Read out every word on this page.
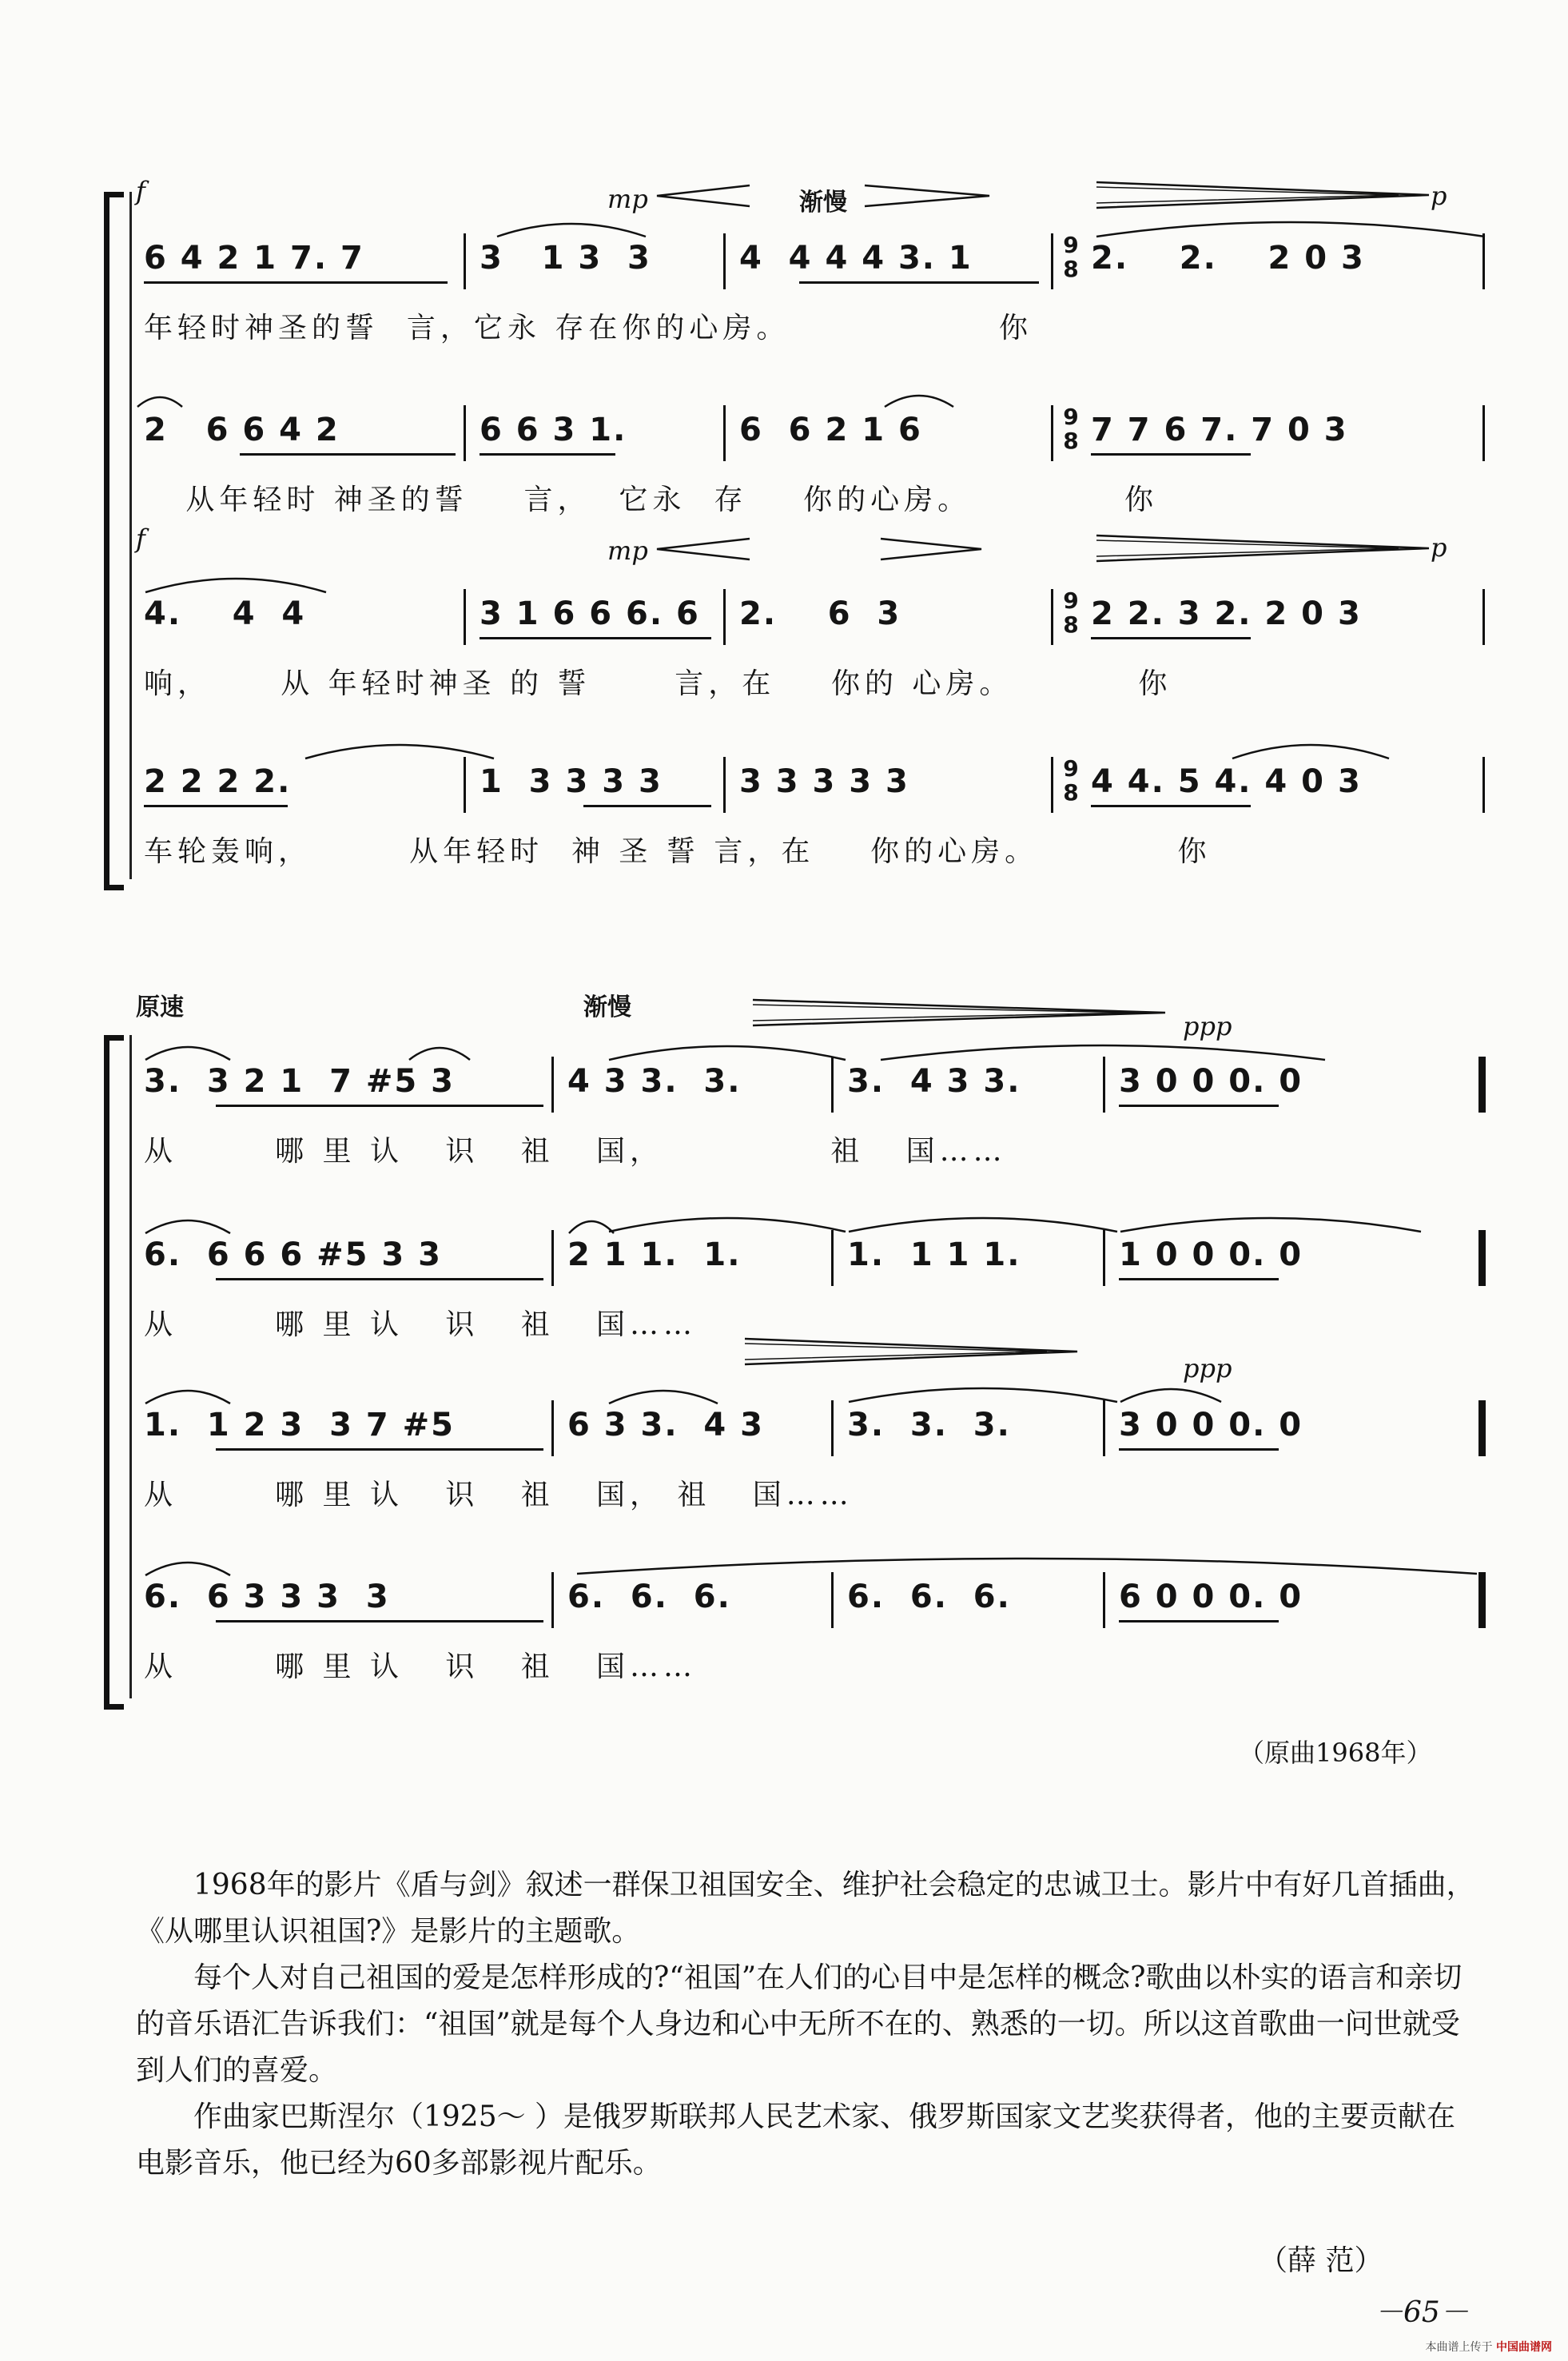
f	mp	渐慢	p

6 4 2 1 7. 7

	3   1 3  3

	4  4 4 4 3. 1

	9
8

2.    2.    2 0 3

年轻时神圣的誓  言，它永 存在你的心房。               你

2   6 6 4 2

	6 6 3 1.

	6  6 2 1 6

	9
8

7 7 6 7. 7 0 3

从年轻时 神圣的誓    言，  它永  存    你的心房。           你
f	mp	p

4.    4  4

	3 1 6 6 6. 6

2.    6  3

	9
8

2 2. 3 2. 2 0 3

响，     从 年轻时神圣 的 誓      言，在    你的 心房。         你

2 2 2 2.

	1  3 3 3 3

3 3 3 3 3

	9
8

4 4. 5 4. 4 0 3

车轮轰响，       从年轻时  神 圣 誓 言，在    你的心房。          你
原速	渐慢
ppp

3.  3 2 1  7 #5 3

	4 3 3.  3.

	3.  4 3 3.

	3 0 0 0. 0

从       哪 里 认   识   祖   国，            祖   国……

6.  6 6 6 #5 3 3

	2 1 1.  1.

	1.  1 1 1.

	1 0 0 0. 0

从       哪 里 认   识   祖   国……
ppp

1.  1 2 3  3 7 #5

	6 3 3.  4 3

	3.  3.  3.

	3 0 0 0. 0

从       哪 里 认   识   祖   国， 祖   国……

6.  6 3 3 3  3

	6.  6.  6.

	6.  6.  6.

	6 0 0 0. 0

从       哪 里 认   识   祖   国……
（原曲1968年）

1968年的影片《盾与剑》叙述一群保卫祖国安全、维护社会稳定的忠诚卫士。影片中有好几首插曲，《从哪里认识祖国?》是影片的主题歌。

每个人对自己祖国的爱是怎样形成的?“祖国”在人们的心目中是怎样的概念?歌曲以朴实的语言和亲切的音乐语汇告诉我们：“祖国”就是每个人身边和心中无所不在的、熟悉的一切。所以这首歌曲一问世就受到人们的喜爱。

作曲家巴斯涅尔（1925～ ）是俄罗斯联邦人民艺术家、俄罗斯国家文艺奖获得者，他的主要贡献在电影音乐，他已经为60多部影视片配乐。

（薛 范）
－65－
本曲谱上传于 中国曲谱网
